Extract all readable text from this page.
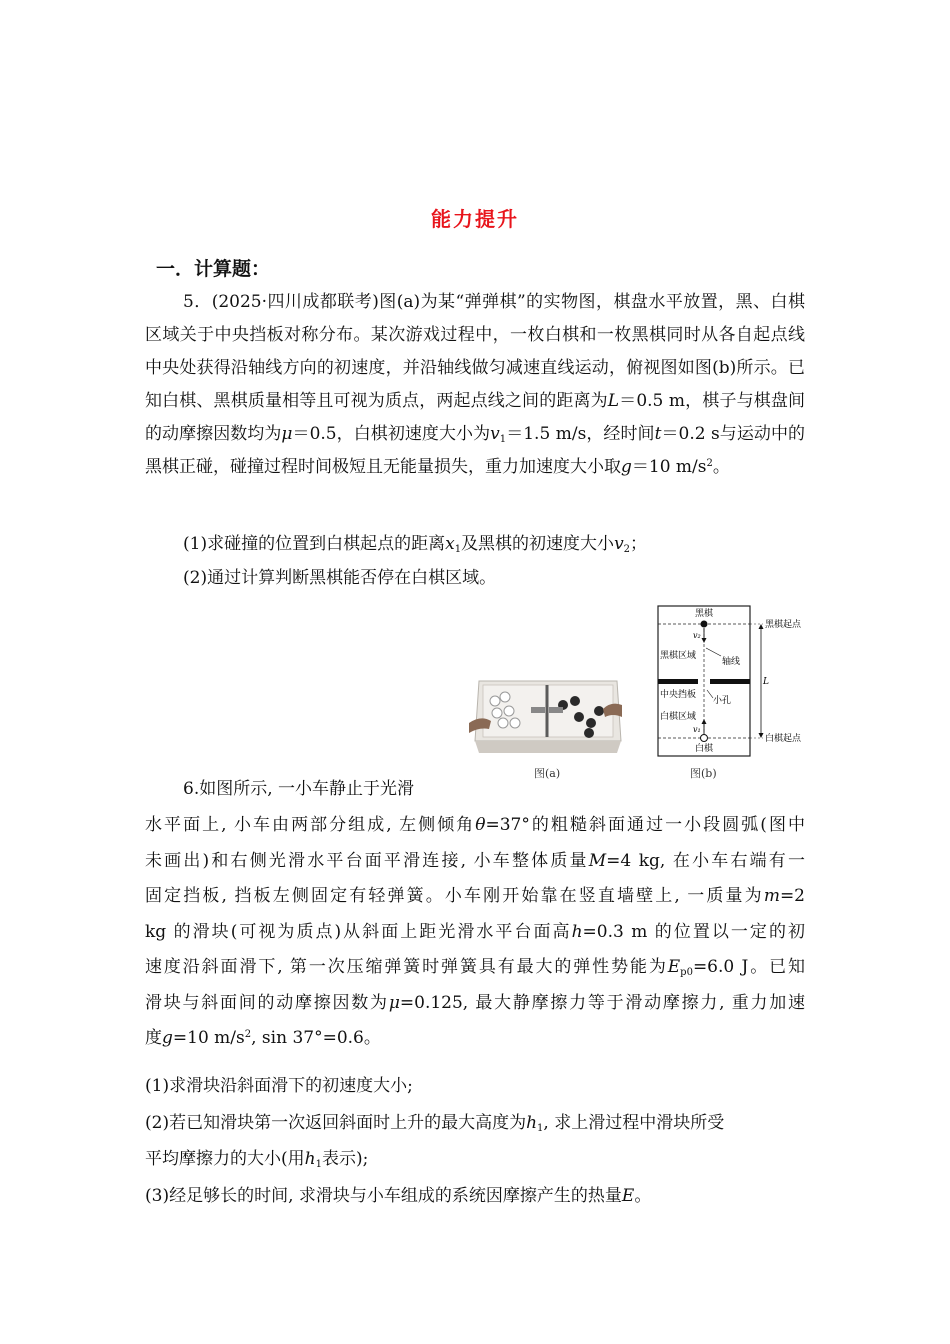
能力提升
一．计算题：
5．(2025·四川成都联考)图(a)为某“弹弹棋”的实物图，棋盘水平放置，黑、白棋区域关于中央挡板对称分布。某次游戏过程中，一枚白棋和一枚黑棋同时从各自起点线中央处获得沿轴线方向的初速度，并沿轴线做匀减速直线运动，俯视图如图(b)所示。已知白棋、黑棋质量相等且可视为质点，两起点线之间的距离为L＝0.5 m，棋子与棋盘间的动摩擦因数均为μ＝0.5，白棋初速度大小为$v_1=1.5$ m/s，经时间t＝0.2 s与运动中的黑棋正碰，碰撞过程时间极短且无能量损失，重力加速度大小取g＝10 $m/s^2$。
(1)求碰撞的位置到白棋起点的距离$x_1$及黑棋的初速度大小$v_2$；
(2)通过计算判断黑棋能否停在白棋区域。
图(a)
黑棋
黑棋起点
v₂
黑棋区域
轴线
L
中央挡板
小孔
白棋区域
v₁
白棋
白棋起点
图(b)
6.如图所示, 一小车静止于光滑
水平面上, 小车由两部分组成, 左侧倾角θ=37°的粗糙斜面通过一小段圆弧(图中
未画出)和右侧光滑水平台面平滑连接, 小车整体质量M=4 kg, 在小车右端有一
固定挡板, 挡板左侧固定有轻弹簧。小车刚开始靠在竖直墙壁上, 一质量为m=2
kg 的滑块(可视为质点)从斜面上距光滑水平台面高h=0.3 m 的位置以一定的初
速度沿斜面滑下, 第一次压缩弹簧时弹簧具有最大的弹性势能为$E_{p0}=6.0$ J。已知
滑块与斜面间的动摩擦因数为μ=0.125, 最大静摩擦力等于滑动摩擦力, 重力加速
度g=10 $m/s^2$, sin 37°=0.6。
(1)求滑块沿斜面滑下的初速度大小;
(2)若已知滑块第一次返回斜面时上升的最大高度为$h_1$, 求上滑过程中滑块所受
平均摩擦力的大小(用$h_1$表示);
(3)经足够长的时间, 求滑块与小车组成的系统因摩擦产生的热量E。
